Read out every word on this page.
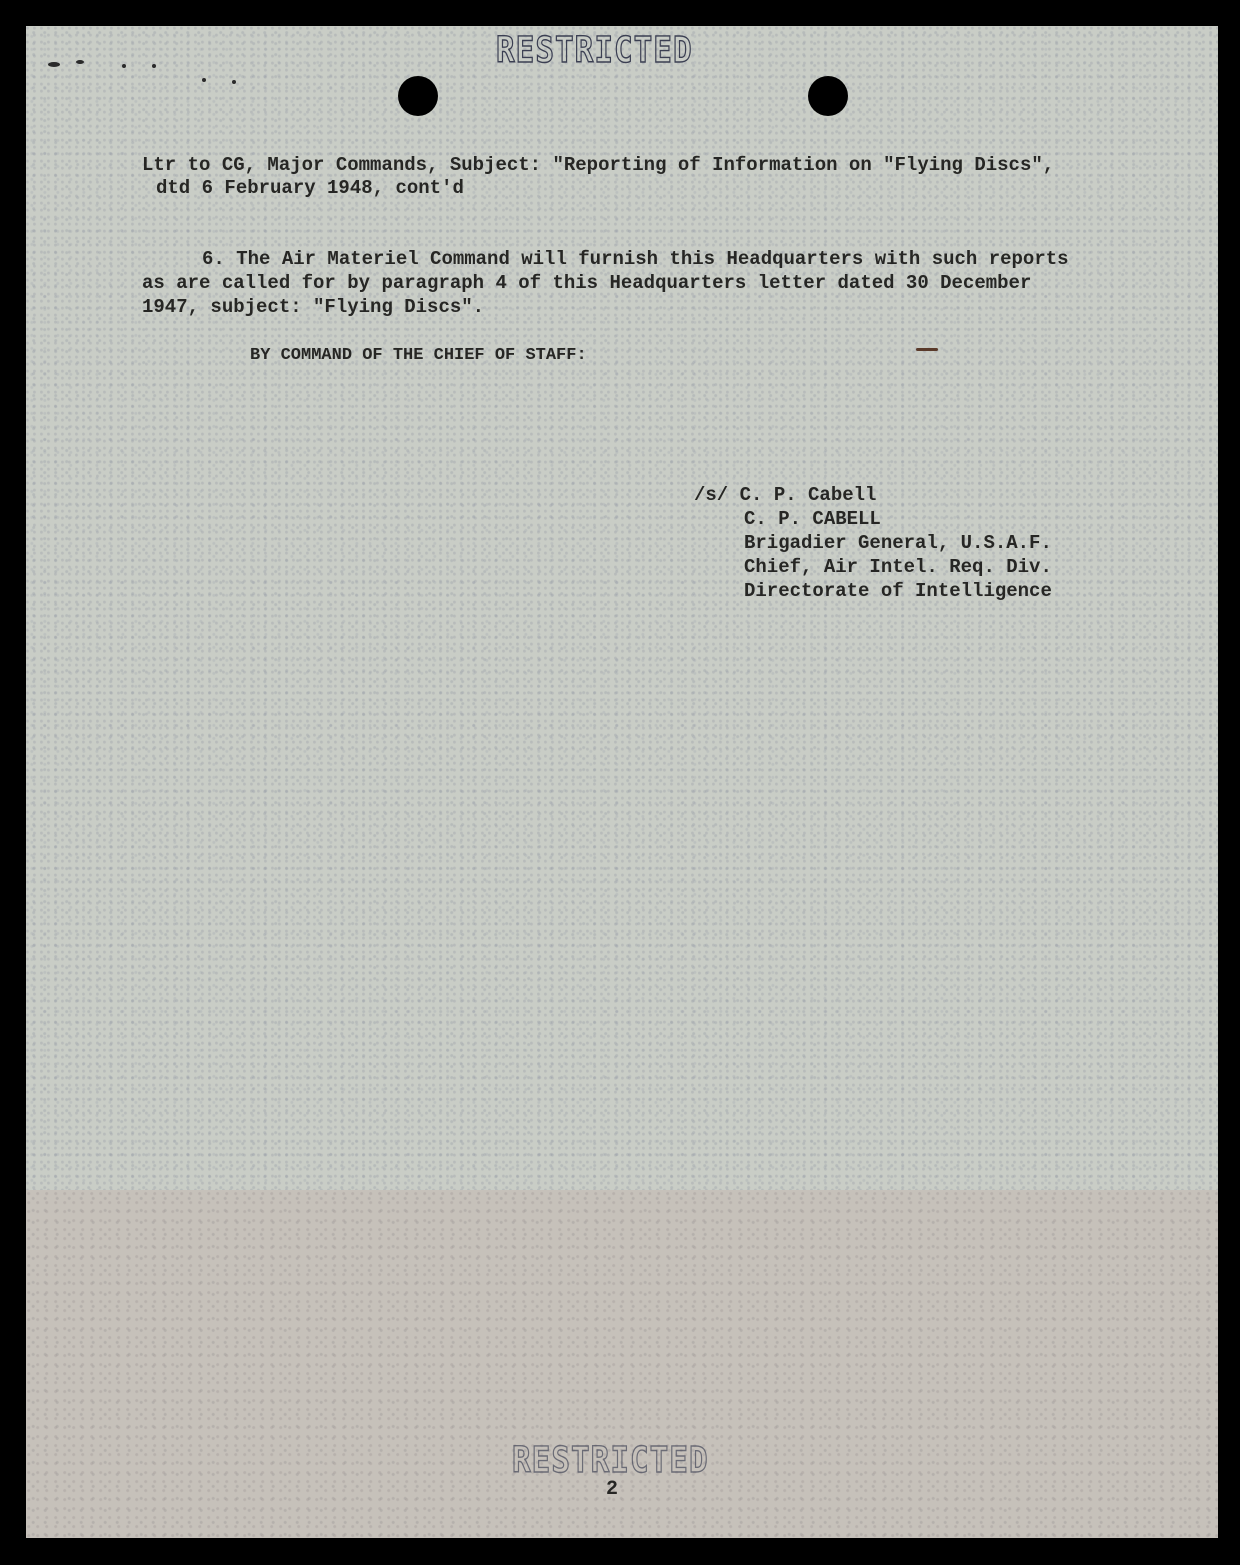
RESTRICTED

Ltr to CG, Major Commands, Subject: "Reporting of Information on "Flying Discs",

dtd 6 February 1948, cont'd

6. The Air Materiel Command will furnish this Headquarters with such reports

as are called for by paragraph 4 of this Headquarters letter dated 30 December

1947, subject: "Flying Discs".

BY COMMAND OF THE CHIEF OF STAFF:

/s/ C. P. Cabell

C. P. CABELL

Brigadier General, U.S.A.F.

Chief, Air Intel. Req. Div.

Directorate of Intelligence

RESTRICTED

2
